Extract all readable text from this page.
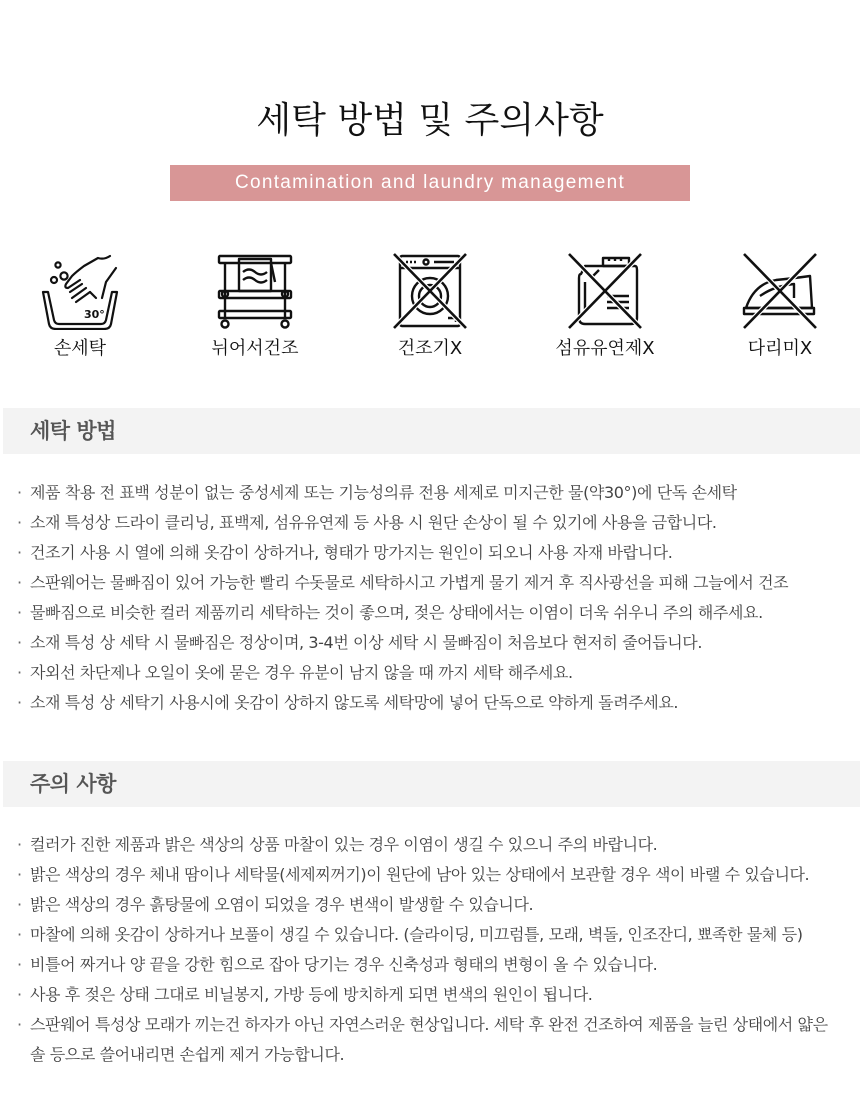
세탁 방법 및 주의사항
Contamination and laundry management
30°
손세탁	뉘어서건조	건조기X	섬유유연제X	다리미X
세탁 방법
· 제품 착용 전 표백 성분이 없는 중성세제 또는 기능성의류 전용 세제로 미지근한 물(약30°)에 단독 손세탁
· 소재 특성상 드라이 클리닝, 표백제, 섬유유연제 등 사용 시 원단 손상이 될 수 있기에 사용을 금합니다.
· 건조기 사용 시 열에 의해 옷감이 상하거나, 형태가 망가지는 원인이 되오니 사용 자재 바랍니다.
· 스판웨어는 물빠짐이 있어 가능한 빨리 수돗물로 세탁하시고 가볍게 물기 제거 후 직사광선을 피해 그늘에서 건조
· 물빠짐으로 비슷한 컬러 제품끼리 세탁하는 것이 좋으며, 젖은 상태에서는 이염이 더욱 쉬우니 주의 해주세요.
· 소재 특성 상 세탁 시 물빠짐은 정상이며, 3-4번 이상 세탁 시 물빠짐이 처음보다 현저히 줄어듭니다.
· 자외선 차단제나 오일이 옷에 묻은 경우 유분이 남지 않을 때 까지 세탁 해주세요.
· 소재 특성 상 세탁기 사용시에 옷감이 상하지 않도록 세탁망에 넣어 단독으로 약하게 돌려주세요.
주의 사항
· 컬러가 진한 제품과 밝은 색상의 상품 마찰이 있는 경우 이염이 생길 수 있으니 주의 바랍니다.
· 밝은 색상의 경우 체내 땀이나 세탁물(세제찌꺼기)이 원단에 남아 있는 상태에서 보관할 경우 색이 바랠 수 있습니다.
· 밝은 색상의 경우 흙탕물에 오염이 되었을 경우 변색이 발생할 수 있습니다.
· 마찰에 의해 옷감이 상하거나 보풀이 생길 수 있습니다. (슬라이딩, 미끄럼틀, 모래, 벽돌, 인조잔디, 뾰족한 물체 등)
· 비틀어 짜거나 양 끝을 강한 힘으로 잡아 당기는 경우 신축성과 형태의 변형이 올 수 있습니다.
· 사용 후 젖은 상태 그대로 비닐봉지, 가방 등에 방치하게 되면 변색의 원인이 됩니다.
· 스판웨어 특성상 모래가 끼는건 하자가 아닌 자연스러운 현상입니다. 세탁 후 완전 건조하여 제품을 늘린 상태에서 얇은 솔 등으로 쓸어내리면 손쉽게 제거 가능합니다.
